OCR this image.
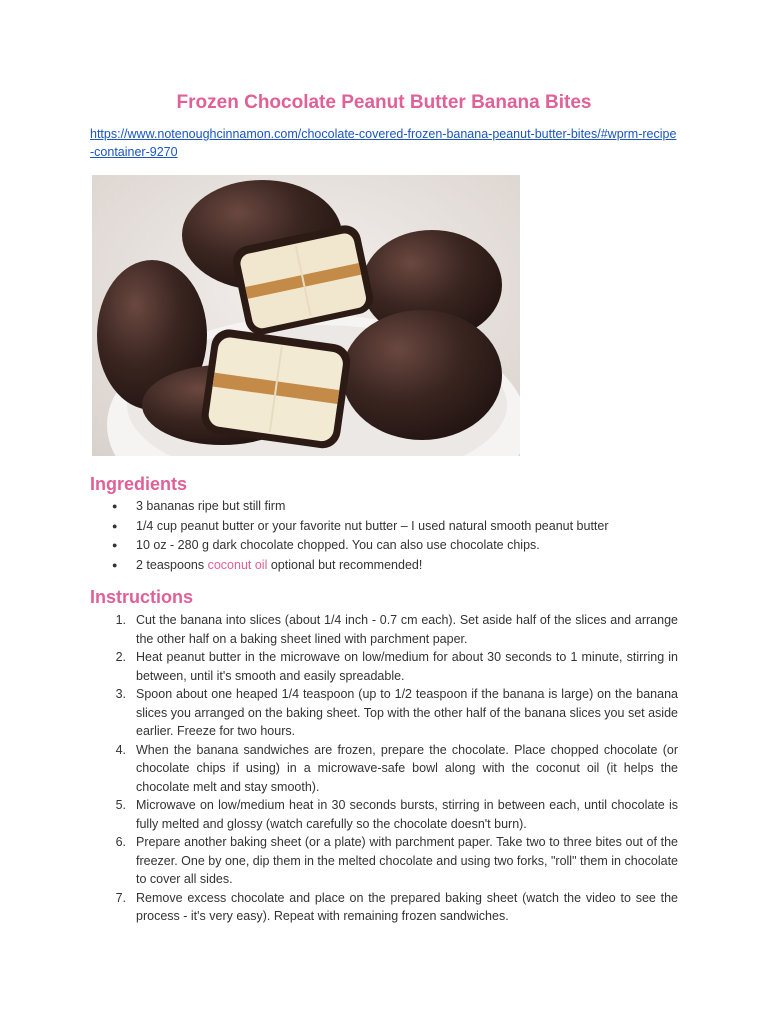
Frozen Chocolate Peanut Butter Banana Bites
https://www.notenoughcinnamon.com/chocolate-covered-frozen-banana-peanut-butter-bites/#wprm-recipe-container-9270
Ingredients
● 3 bananas ripe but still firm
● 1/4 cup peanut butter or your favorite nut butter – I used natural smooth peanut butter
● 10 oz - 280 g dark chocolate chopped. You can also use chocolate chips.
● 2 teaspoons coconut oil optional but recommended!
Instructions
1. Cut the banana into slices (about 1/4 inch - 0.7 cm each). Set aside half of the slices and arrange the other half on a baking sheet lined with parchment paper.
2. Heat peanut butter in the microwave on low/medium for about 30 seconds to 1 minute, stirring in between, until it's smooth and easily spreadable.
3. Spoon about one heaped 1/4 teaspoon (up to 1/2 teaspoon if the banana is large) on the banana slices you arranged on the baking sheet. Top with the other half of the banana slices you set aside earlier. Freeze for two hours.
4. When the banana sandwiches are frozen, prepare the chocolate. Place chopped chocolate (or chocolate chips if using) in a microwave-safe bowl along with the coconut oil (it helps the chocolate melt and stay smooth).
5. Microwave on low/medium heat in 30 seconds bursts, stirring in between each, until chocolate is fully melted and glossy (watch carefully so the chocolate doesn't burn).
6. Prepare another baking sheet (or a plate) with parchment paper. Take two to three bites out of the freezer. One by one, dip them in the melted chocolate and using two forks, "roll" them in chocolate to cover all sides.
7. Remove excess chocolate and place on the prepared baking sheet (watch the video to see the process - it's very easy). Repeat with remaining frozen sandwiches.
